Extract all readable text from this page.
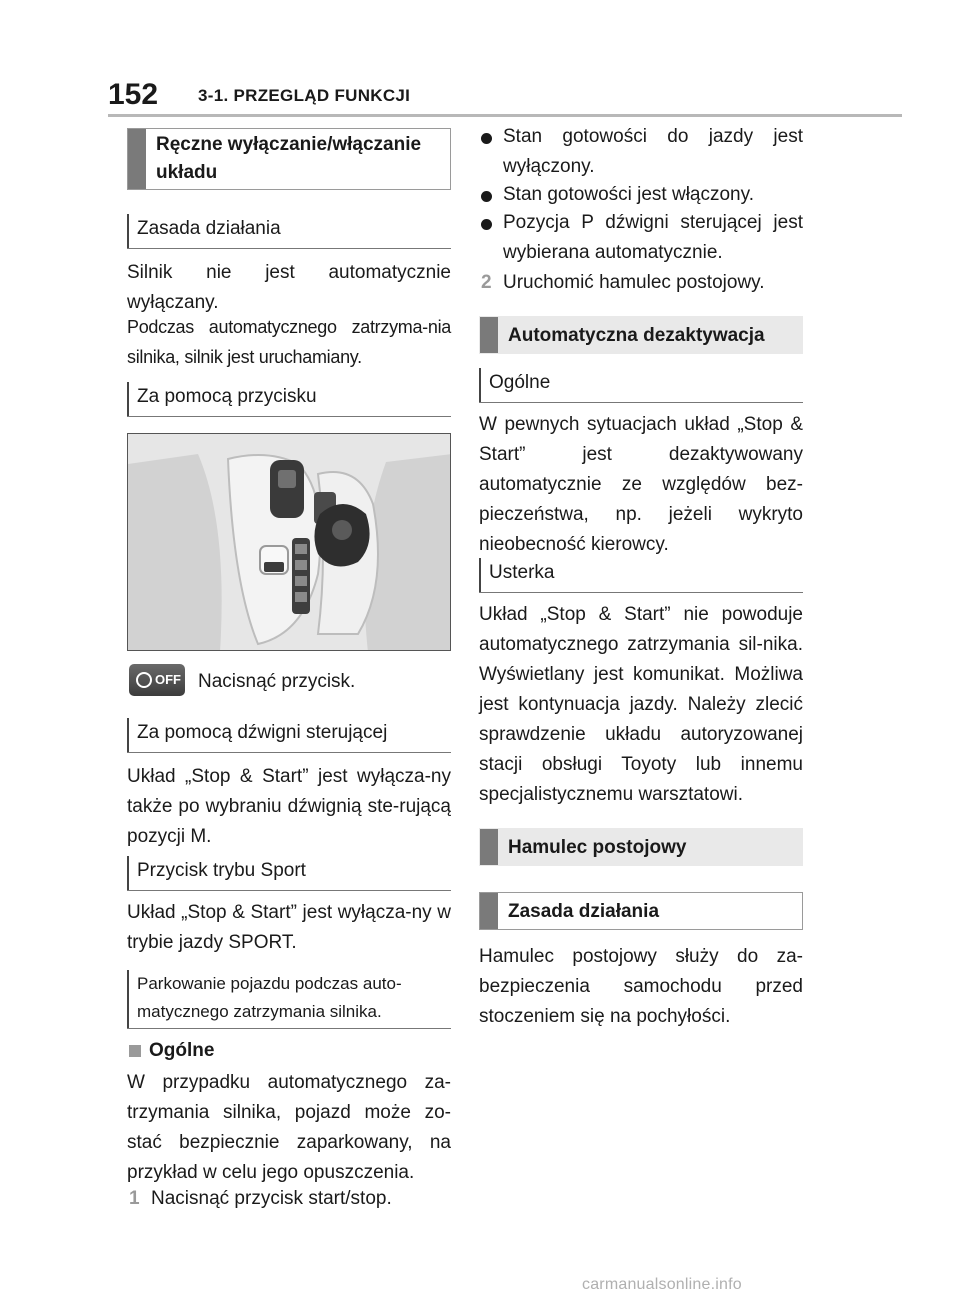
152 3-1. PRZEGLĄD FUNKCJI
Ręczne wyłączanie/włączanie układu
Zasada działania
Silnik nie jest automatycznie wyłączany.
Podczas automatycznego zatrzyma-nia silnika, silnik jest uruchamiany.
Za pomocą przycisku
OFF Nacisnąć przycisk.
Za pomocą dźwigni sterującej
Układ „Stop & Start” jest wyłącza-ny także po wybraniu dźwignią ste-rującą pozycji M.
Przycisk trybu Sport
Układ „Stop & Start” jest wyłącza-ny w trybie jazdy SPORT.
Parkowanie pojazdu podczas auto-matycznego zatrzymania silnika.
Ogólne
W przypadku automatycznego za-trzymania silnika, pojazd może zo-stać bezpiecznie zaparkowany, na przykład w celu jego opuszczenia.
1 Nacisnąć przycisk start/stop.
Stan gotowości do jazdy jest wyłączony.
Stan gotowości jest włączony.
Pozycja P dźwigni sterującej jest wybierana automatycznie.
2 Uruchomić hamulec postojowy.
Automatyczna dezaktywacja
Ogólne
W pewnych sytuacjach układ „Stop & Start” jest dezaktywowany automatycznie ze względów bez-pieczeństwa, np. jeżeli wykryto nieobecność kierowcy.
Usterka
Układ „Stop & Start” nie powoduje automatycznego zatrzymania sil-nika. Wyświetlany jest komunikat. Możliwa jest kontynuacja jazdy. Należy zlecić sprawdzenie układu autoryzowanej stacji obsługi Toyoty lub innemu specjalistycznemu warsztatowi.
Hamulec postojowy
Zasada działania
Hamulec postojowy służy do za-bezpieczenia samochodu przed stoczeniem się na pochyłości.
carmanualsonline.info
